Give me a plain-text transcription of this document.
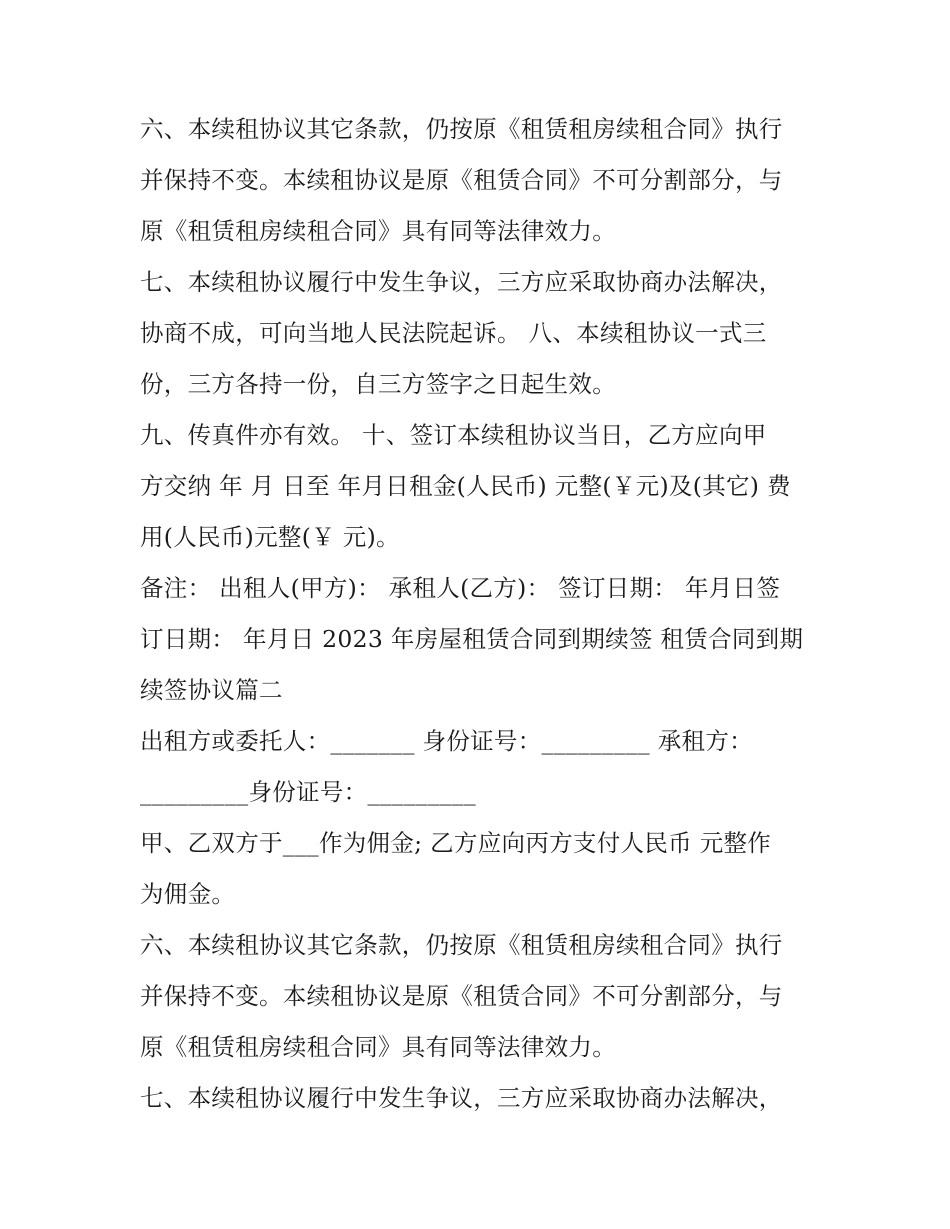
六、本续租协议其它条款，仍按原《租赁租房续租合同》执行
并保持不变。本续租协议是原《租赁合同》不可分割部分，与
原《租赁租房续租合同》具有同等法律效力。
七、本续租协议履行中发生争议，三方应采取协商办法解决，
协商不成，可向当地人民法院起诉。 八、本续租协议一式三
份，三方各持一份，自三方签字之日起生效。
九、传真件亦有效。 十、签订本续租协议当日，乙方应向甲
方交纳 年 月 日至 年月日租金(人民币) 元整(￥元)及(其它) 费
用(人民币)元整(￥ 元)。
备注： 出租人(甲方)： 承租人(乙方)： 签订日期： 年月日签
订日期： 年月日 2023 年房屋租赁合同到期续签 租赁合同到期
续签协议篇二
出租方或委托人：_______ 身份证号：_________ 承租方：
_________身份证号：_________
甲、乙双方于___作为佣金; 乙方应向丙方支付人民币 元整作
为佣金。
六、本续租协议其它条款，仍按原《租赁租房续租合同》执行
并保持不变。本续租协议是原《租赁合同》不可分割部分，与
原《租赁租房续租合同》具有同等法律效力。
七、本续租协议履行中发生争议，三方应采取协商办法解决，
